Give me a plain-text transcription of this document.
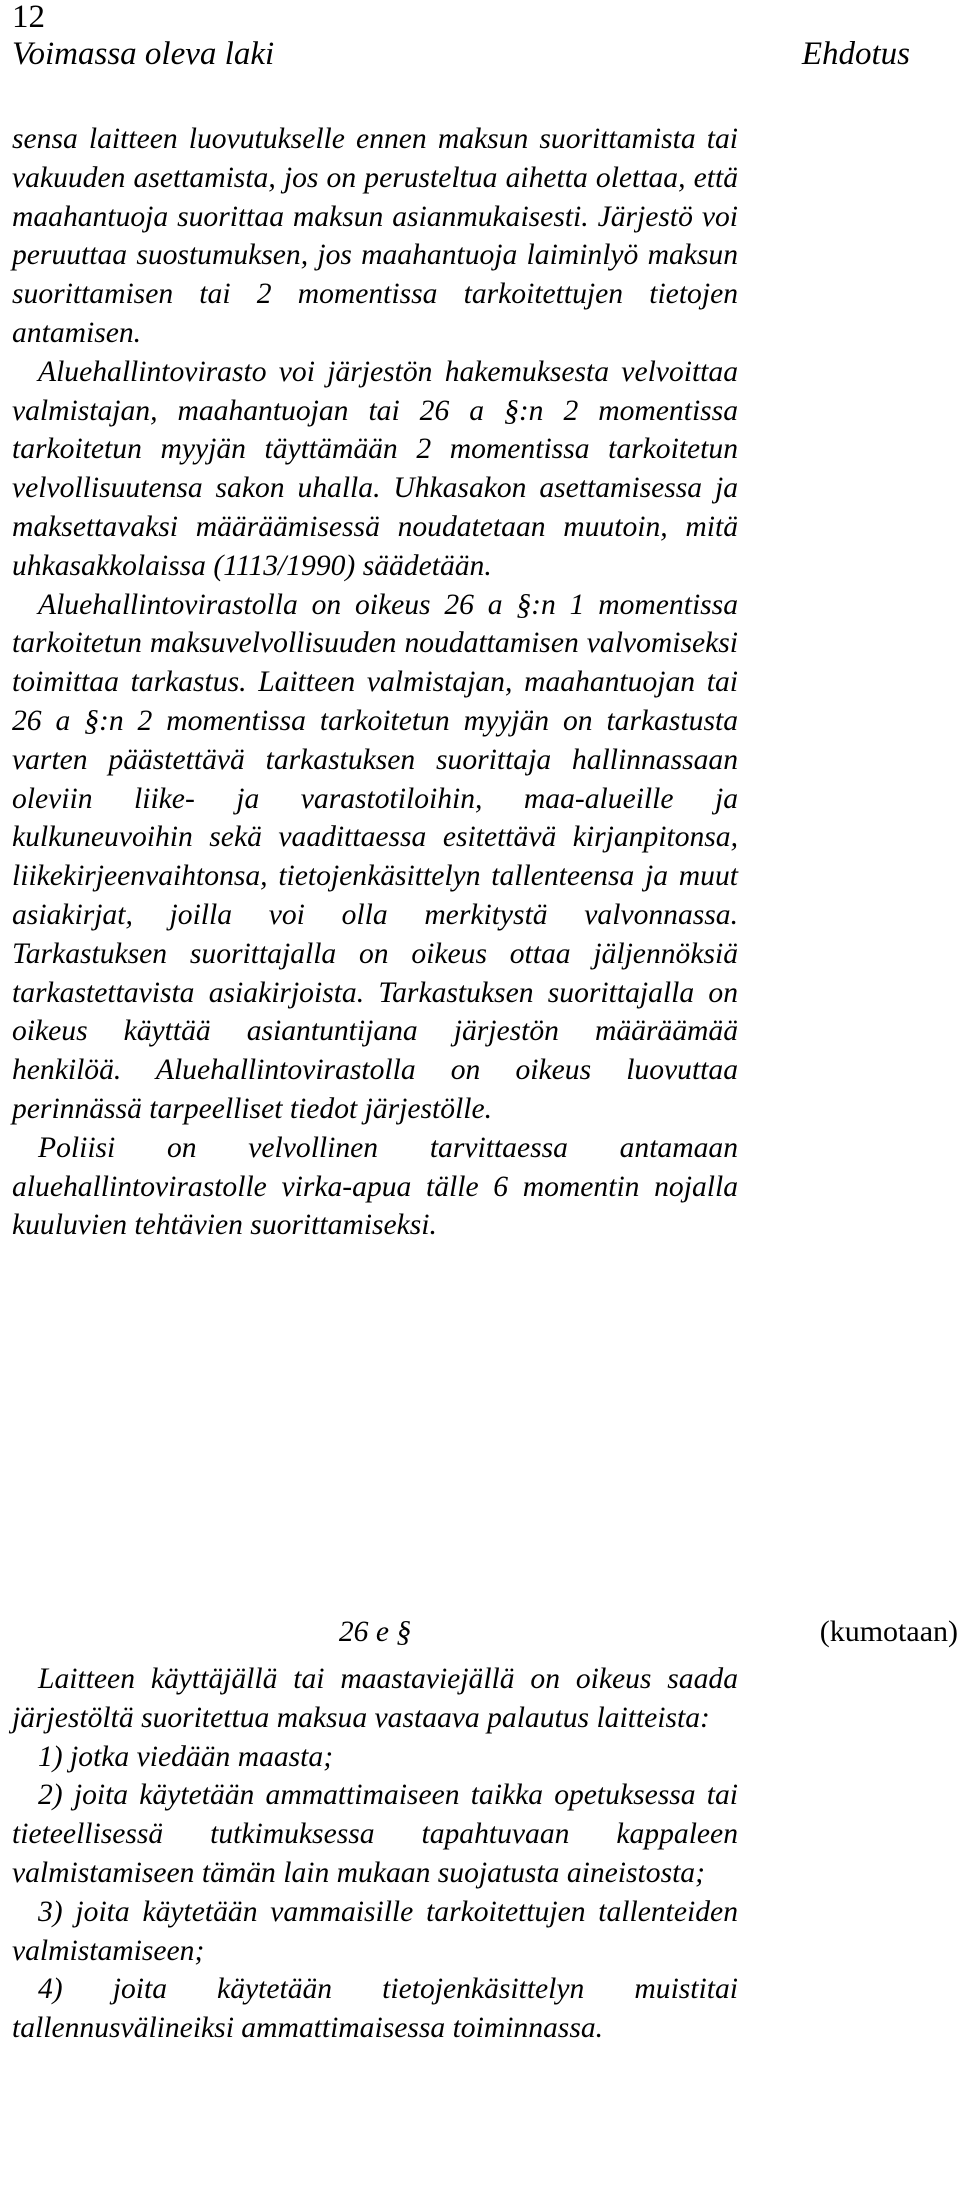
12
Voimassa oleva laki	Ehdotus

sensa laitteen luovutukselle ennen maksun suorittamista tai vakuuden asettamista, jos on perusteltua aihetta olettaa, että maahantuoja suorittaa maksun asianmukaisesti. Järjestö voi peruuttaa suostumuksen, jos maahantuoja laiminlyö maksun suorittamisen tai 2 momentissa tarkoitettujen tietojen antamisen.

Aluehallintovirasto voi järjestön hakemuksesta velvoittaa valmistajan, maahantuojan tai 26 a §:n 2 momentissa tarkoitetun myyjän täyttämään 2 momentissa tarkoitetun velvollisuutensa sakon uhalla. Uhkasakon asettamisessa ja maksettavaksi määräämisessä noudatetaan muutoin, mitä uhkasakkolaissa (1113/1990) säädetään.

Aluehallintovirastolla on oikeus 26 a §:n 1 momentissa tarkoitetun maksuvelvollisuuden noudattamisen valvomiseksi toimittaa tarkastus. Laitteen valmistajan, maahantuojan tai 26 a §:n 2 momentissa tarkoitetun myyjän on tarkastusta varten päästettävä tarkastuksen suorittaja hallinnassaan oleviin liike- ja varastotiloihin, maa-alueille ja kulkuneuvoihin sekä vaadittaessa esitettävä kirjanpitonsa, liikekirjeenvaihtonsa, tietojenkäsittelyn tallenteensa ja muut asiakirjat, joilla voi olla merkitystä valvonnassa. Tarkastuksen suorittajalla on oikeus ottaa jäljennöksiä tarkastettavista asiakirjoista. Tarkastuksen suorittajalla on oikeus käyttää asiantuntijana järjestön määräämää henkilöä. Aluehallintovirastolla on oikeus luovuttaa perinnässä tarpeelliset tiedot järjestölle.

Poliisi on velvollinen tarvittaessa antamaan aluehallintovirastolle virka-apua tälle 6 momentin nojalla kuuluvien tehtävien suorittamiseksi.

26 e §	(kumotaan)

Laitteen käyttäjällä tai maastaviejällä on oikeus saada järjestöltä suoritettua maksua vastaava palautus laitteista:

1) jotka viedään maasta;

2) joita käytetään ammattimaiseen taikka opetuksessa tai tieteellisessä tutkimuksessa tapahtuvaan kappaleen valmistamiseen tämän lain mukaan suojatusta aineistosta;

3) joita käytetään vammaisille tarkoitettujen tallenteiden valmistamiseen;

4) joita käytetään tietojenkäsittelyn muistitai tallennusvälineiksi ammattimaisessa toiminnassa.
